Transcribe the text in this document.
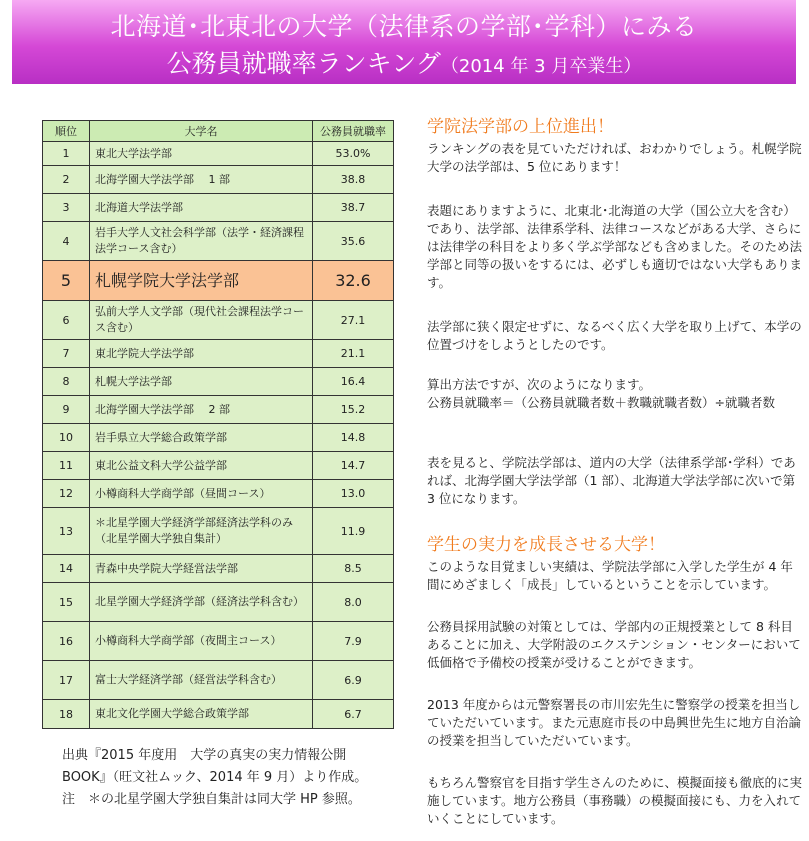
北海道･北東北の大学（法律系の学部･学科）にみる
公務員就職率ランキング（2014 年 3 月卒業生）
順位	大学名	公務員就職率
1	東北大学法学部	53.0%
2	北海学園大学法学部　 1 部	38.8
3	北海道大学法学部	38.7
4	岩手大学人文社会科学部（法学・経済課程法学コース含む）	35.6
5	札幌学院大学法学部	32.6
6	弘前大学人文学部（現代社会課程法学コース含む）	27.1
7	東北学院大学法学部	21.1
8	札幌大学法学部	16.4
9	北海学園大学法学部　 2 部	15.2
10	岩手県立大学総合政策学部	14.8
11	東北公益文科大学公益学部	14.7
12	小樽商科大学商学部（昼間コース）	13.0
13	＊北星学園大学経済学部経済法学科のみ（北星学園大学独自集計）	11.9
14	青森中央学院大学経営法学部	8.5
15	北星学園大学経済学部（経済法学科含む）	8.0
16	小樽商科大学商学部（夜間主コース）	7.9
17	富士大学経済学部（経営法学科含む）	6.9
18	東北文化学園大学総合政策学部	6.7
出典『2015 年度用　大学の真実の実力情報公開
BOOK』（旺文社ムック、2014 年 9 月）より作成。
注　＊の北星学園大学独自集計は同大学 HP 参照。
学院法学部の上位進出！

ランキングの表を見ていただければ、おわかりでしょう。札幌学院大学の法学部は、5 位にあります！

表題にありますように、北東北･北海道の大学（国公立大を含む）であり、法学部、法律系学科、法律コースなどがある大学、さらには法律学の科目をより多く学ぶ学部なども含めました。そのため法学部と同等の扱いをするには、必ずしも適切ではない大学もあります。

法学部に狭く限定せずに、なるべく広く大学を取り上げて、本学の位置づけをしようとしたのです。

算出方法ですが、次のようになります。

公務員就職率＝（公務員就職者数＋教職就職者数）÷就職者数

表を見ると、学院法学部は、道内の大学（法律系学部･学科）であれば、北海学園大学法学部（1 部）、北海道大学法学部に次いで第 3 位になります。

学生の実力を成長させる大学！

このような目覚ましい実績は、学院法学部に入学した学生が 4 年間にめざましく「成長」しているということを示しています。

公務員採用試験の対策としては、学部内の正規授業として 8 科目あることに加え、大学附設のエクステンション・センターにおいて低価格で予備校の授業が受けることができます。

2013 年度からは元警察署長の市川宏先生に警察学の授業を担当していただいています。また元恵庭市長の中島興世先生に地方自治論の授業を担当していただいています。

もちろん警察官を目指す学生さんのために、模擬面接も徹底的に実施しています。地方公務員（事務職）の模擬面接にも、力を入れていくことにしています。
